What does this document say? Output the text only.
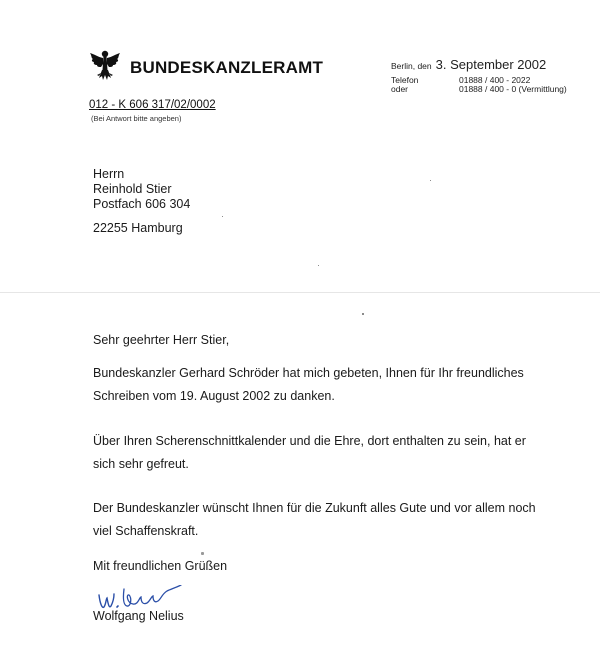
BUNDESKANZLERAMT	Berlin, den 3. September 2002
Telefon	01888 / 400 - 2022
oder	01888 / 400 - 0 (Vermittlung)
012 - K 606 317/02/0002
(Bei Antwort bitte angeben)
Herrn
Reinhold Stier
Postfach 606 304
22255 Hamburg
Sehr geehrter Herr Stier,
Bundeskanzler Gerhard Schröder hat mich gebeten, Ihnen für Ihr freundliches
Schreiben vom 19. August 2002 zu danken.
Über Ihren Scherenschnittkalender und die Ehre, dort enthalten zu sein, hat er
sich sehr gefreut.
Der Bundeskanzler wünscht Ihnen für die Zukunft alles Gute und vor allem noch
viel Schaffenskraft.
Mit freundlichen Grüßen
Wolfgang Nelius
